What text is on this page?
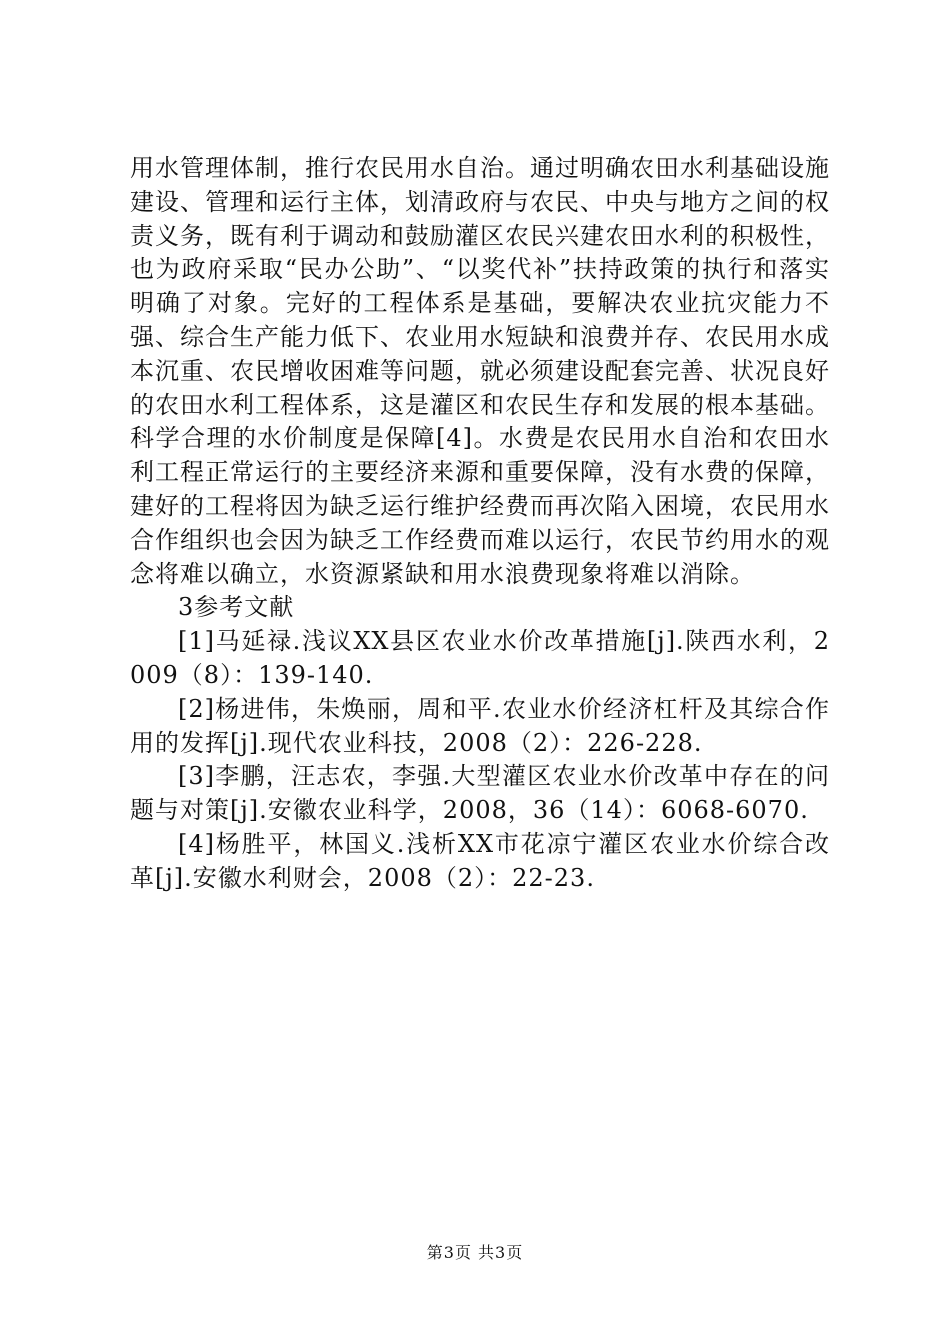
用水管理体制，推行农民用水自治。通过明确农田水利基础设施建设、管理和运行主体，划清政府与农民、中央与地方之间的权责义务，既有利于调动和鼓励灌区农民兴建农田水利的积极性，也为政府采取“民办公助”、“以奖代补”扶持政策的执行和落实明确了对象。完好的工程体系是基础，要解决农业抗灾能力不强、综合生产能力低下、农业用水短缺和浪费并存、农民用水成本沉重、农民增收困难等问题，就必须建设配套完善、状况良好的农田水利工程体系，这是灌区和农民生存和发展的根本基础。科学合理的水价制度是保障[4]。水费是农民用水自治和农田水利工程正常运行的主要经济来源和重要保障，没有水费的保障，建好的工程将因为缺乏运行维护经费而再次陷入困境，农民用水合作组织也会因为缺乏工作经费而难以运行，农民节约用水的观念将难以确立，水资源紧缺和用水浪费现象将难以消除。

3参考文献

[1]马延禄.浅议XX县区农业水价改革措施[j].陕西水利，2009（8）：139-140.

[2]杨进伟，朱焕丽，周和平.农业水价经济杠杆及其综合作用的发挥[j].现代农业科技，2008（2）：226-228.

[3]李鹏，汪志农，李强.大型灌区农业水价改革中存在的问题与对策[j].安徽农业科学，2008，36（14）：6068-6070.

[4]杨胜平，林国义.浅析XX市花凉宁灌区农业水价综合改革[j].安徽水利财会，2008（2）：22-23.

第3页 共3页
